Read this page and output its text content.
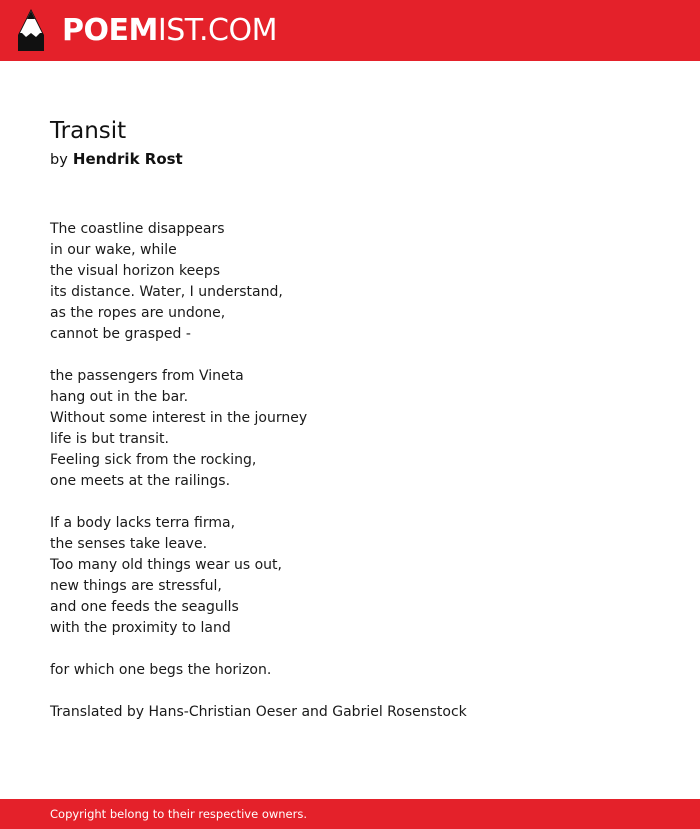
POEMIST.COM
Transit
by Hendrik Rost
The coastline disappears
in our wake, while
the visual horizon keeps
its distance. Water, I understand,
as the ropes are undone,
cannot be grasped -
the passengers from Vineta
hang out in the bar.
Without some interest in the journey
life is but transit.
Feeling sick from the rocking,
one meets at the railings.
If a body lacks terra firma,
the senses take leave.
Too many old things wear us out,
new things are stressful,
and one feeds the seagulls
with the proximity to land
for which one begs the horizon.
Translated by Hans-Christian Oeser and Gabriel Rosenstock
Copyright belong to their respective owners.
